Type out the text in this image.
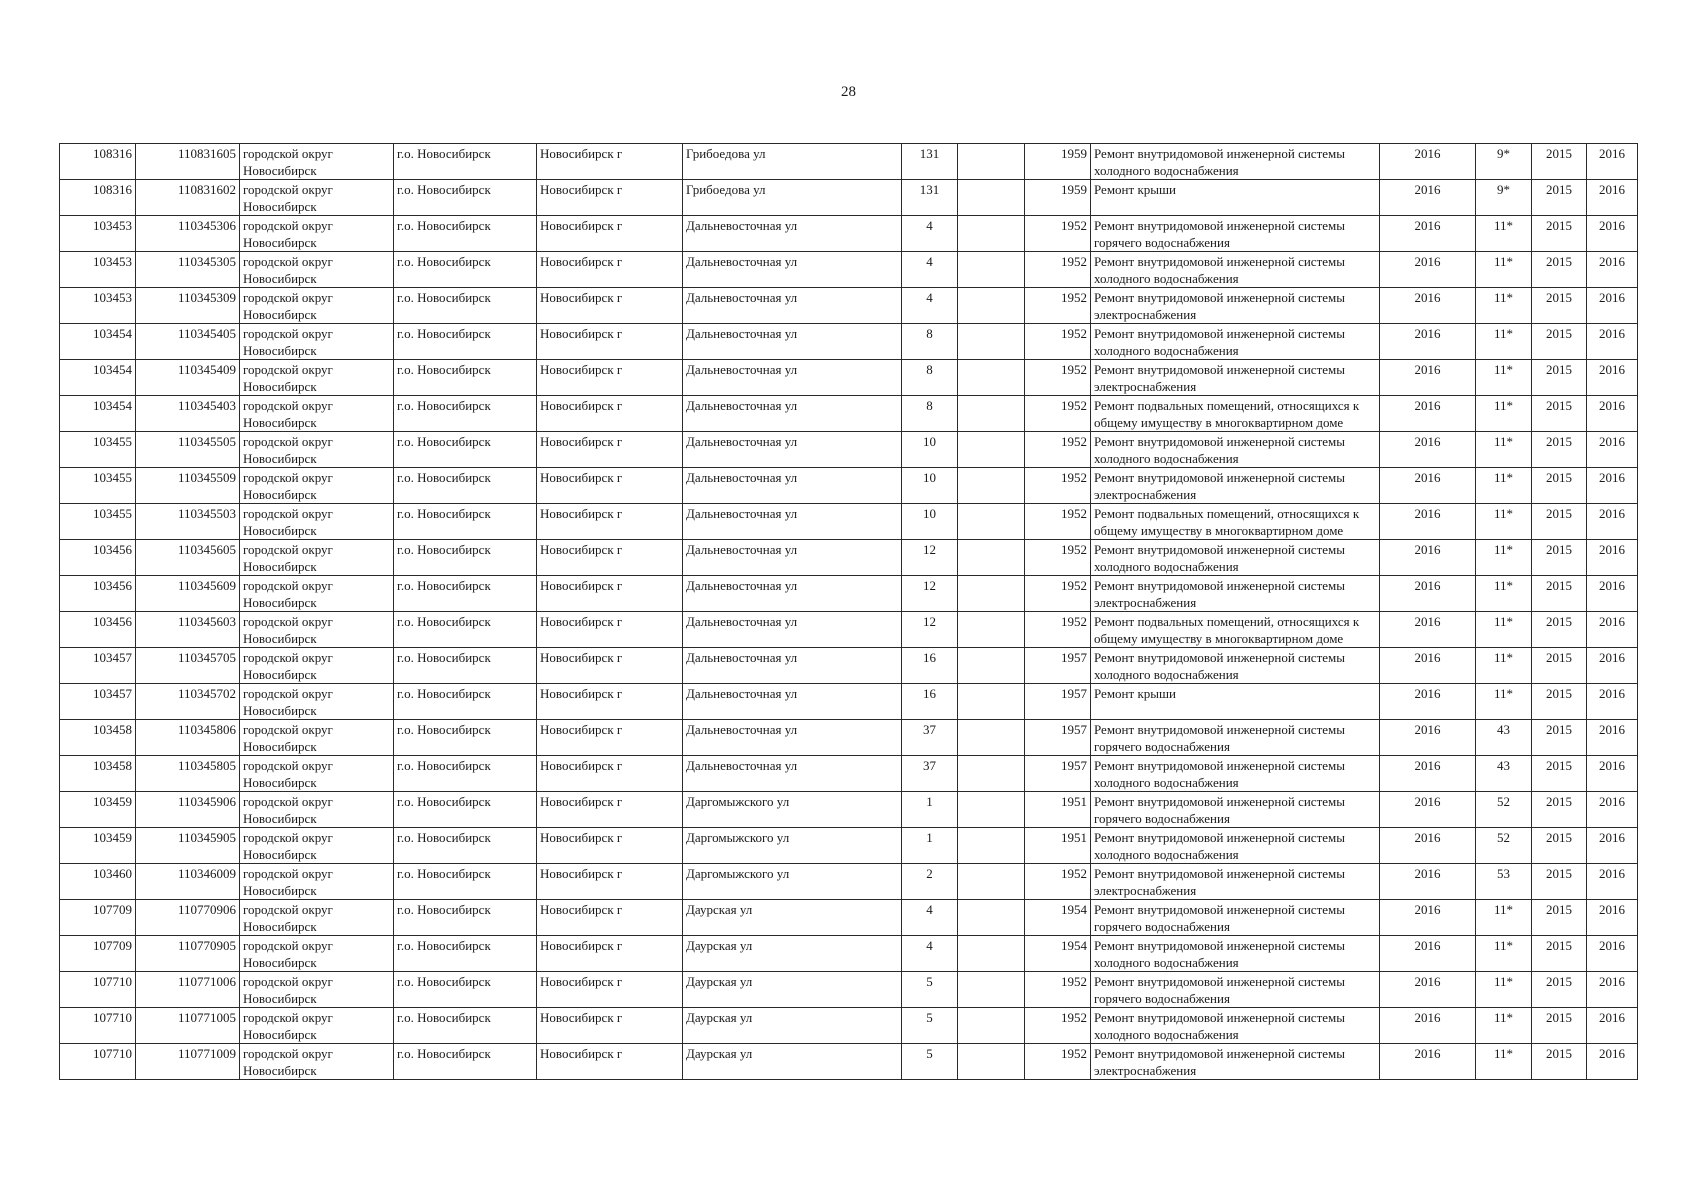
28
108316	110831605	городской округ Новосибирск	г.о. Новосибирск	Новосибирск г	Грибоедова ул	131		1959	Ремонт внутридомовой инженерной системы холодного водоснабжения	2016	9*	2015	2016
108316	110831602	городской округ Новосибирск	г.о. Новосибирск	Новосибирск г	Грибоедова ул	131		1959	Ремонт крыши	2016	9*	2015	2016
103453	110345306	городской округ Новосибирск	г.о. Новосибирск	Новосибирск г	Дальневосточная ул	4		1952	Ремонт внутридомовой инженерной системы горячего водоснабжения	2016	11*	2015	2016
103453	110345305	городской округ Новосибирск	г.о. Новосибирск	Новосибирск г	Дальневосточная ул	4		1952	Ремонт внутридомовой инженерной системы холодного водоснабжения	2016	11*	2015	2016
103453	110345309	городской округ Новосибирск	г.о. Новосибирск	Новосибирск г	Дальневосточная ул	4		1952	Ремонт внутридомовой инженерной системы электроснабжения	2016	11*	2015	2016
103454	110345405	городской округ Новосибирск	г.о. Новосибирск	Новосибирск г	Дальневосточная ул	8		1952	Ремонт внутридомовой инженерной системы холодного водоснабжения	2016	11*	2015	2016
103454	110345409	городской округ Новосибирск	г.о. Новосибирск	Новосибирск г	Дальневосточная ул	8		1952	Ремонт внутридомовой инженерной системы электроснабжения	2016	11*	2015	2016
103454	110345403	городской округ Новосибирск	г.о. Новосибирск	Новосибирск г	Дальневосточная ул	8		1952	Ремонт подвальных помещений, относящихся к общему имуществу в многоквартирном доме	2016	11*	2015	2016
103455	110345505	городской округ Новосибирск	г.о. Новосибирск	Новосибирск г	Дальневосточная ул	10		1952	Ремонт внутридомовой инженерной системы холодного водоснабжения	2016	11*	2015	2016
103455	110345509	городской округ Новосибирск	г.о. Новосибирск	Новосибирск г	Дальневосточная ул	10		1952	Ремонт внутридомовой инженерной системы электроснабжения	2016	11*	2015	2016
103455	110345503	городской округ Новосибирск	г.о. Новосибирск	Новосибирск г	Дальневосточная ул	10		1952	Ремонт подвальных помещений, относящихся к общему имуществу в многоквартирном доме	2016	11*	2015	2016
103456	110345605	городской округ Новосибирск	г.о. Новосибирск	Новосибирск г	Дальневосточная ул	12		1952	Ремонт внутридомовой инженерной системы холодного водоснабжения	2016	11*	2015	2016
103456	110345609	городской округ Новосибирск	г.о. Новосибирск	Новосибирск г	Дальневосточная ул	12		1952	Ремонт внутридомовой инженерной системы электроснабжения	2016	11*	2015	2016
103456	110345603	городской округ Новосибирск	г.о. Новосибирск	Новосибирск г	Дальневосточная ул	12		1952	Ремонт подвальных помещений, относящихся к общему имуществу в многоквартирном доме	2016	11*	2015	2016
103457	110345705	городской округ Новосибирск	г.о. Новосибирск	Новосибирск г	Дальневосточная ул	16		1957	Ремонт внутридомовой инженерной системы холодного водоснабжения	2016	11*	2015	2016
103457	110345702	городской округ Новосибирск	г.о. Новосибирск	Новосибирск г	Дальневосточная ул	16		1957	Ремонт крыши	2016	11*	2015	2016
103458	110345806	городской округ Новосибирск	г.о. Новосибирск	Новосибирск г	Дальневосточная ул	37		1957	Ремонт внутридомовой инженерной системы горячего водоснабжения	2016	43	2015	2016
103458	110345805	городской округ Новосибирск	г.о. Новосибирск	Новосибирск г	Дальневосточная ул	37		1957	Ремонт внутридомовой инженерной системы холодного водоснабжения	2016	43	2015	2016
103459	110345906	городской округ Новосибирск	г.о. Новосибирск	Новосибирск г	Даргомыжского ул	1		1951	Ремонт внутридомовой инженерной системы горячего водоснабжения	2016	52	2015	2016
103459	110345905	городской округ Новосибирск	г.о. Новосибирск	Новосибирск г	Даргомыжского ул	1		1951	Ремонт внутридомовой инженерной системы холодного водоснабжения	2016	52	2015	2016
103460	110346009	городской округ Новосибирск	г.о. Новосибирск	Новосибирск г	Даргомыжского ул	2		1952	Ремонт внутридомовой инженерной системы электроснабжения	2016	53	2015	2016
107709	110770906	городской округ Новосибирск	г.о. Новосибирск	Новосибирск г	Даурская ул	4		1954	Ремонт внутридомовой инженерной системы горячего водоснабжения	2016	11*	2015	2016
107709	110770905	городской округ Новосибирск	г.о. Новосибирск	Новосибирск г	Даурская ул	4		1954	Ремонт внутридомовой инженерной системы холодного водоснабжения	2016	11*	2015	2016
107710	110771006	городской округ Новосибирск	г.о. Новосибирск	Новосибирск г	Даурская ул	5		1952	Ремонт внутридомовой инженерной системы горячего водоснабжения	2016	11*	2015	2016
107710	110771005	городской округ Новосибирск	г.о. Новосибирск	Новосибирск г	Даурская ул	5		1952	Ремонт внутридомовой инженерной системы холодного водоснабжения	2016	11*	2015	2016
107710	110771009	городской округ Новосибирск	г.о. Новосибирск	Новосибирск г	Даурская ул	5		1952	Ремонт внутридомовой инженерной системы электроснабжения	2016	11*	2015	2016
